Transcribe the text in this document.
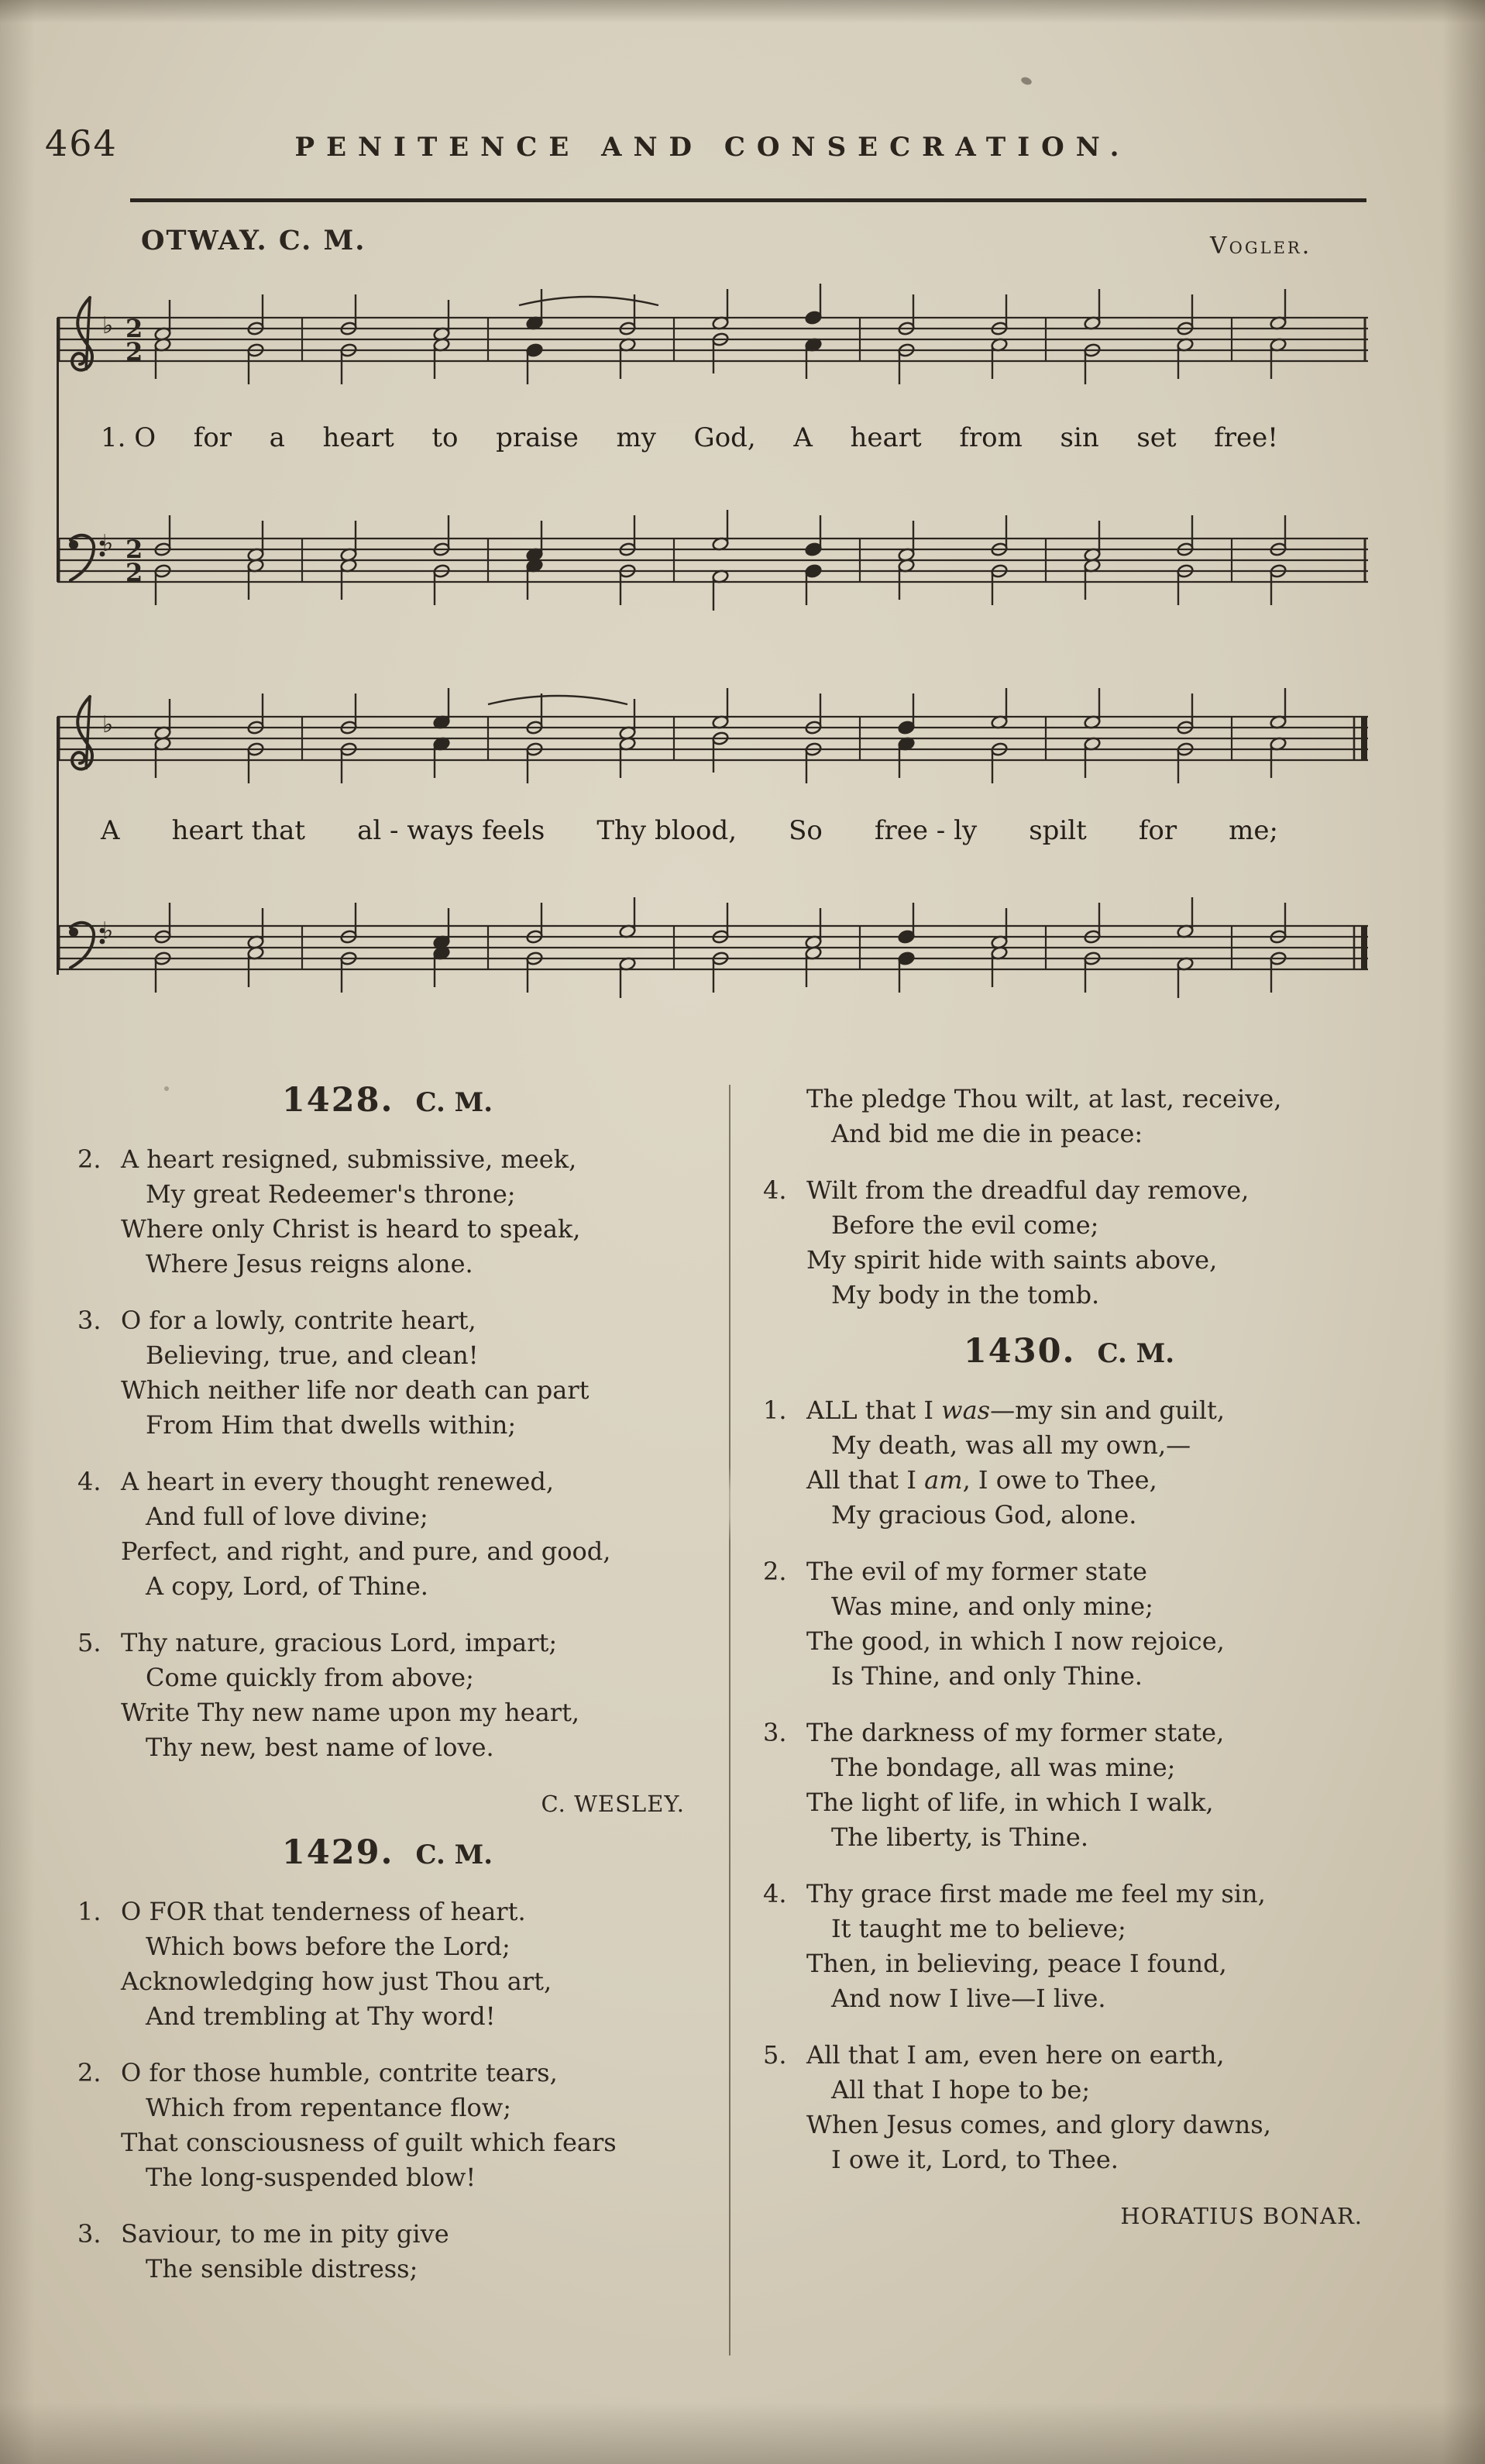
464	PENITENCE AND CONSECRATION.
OTWAY. C. M.	Vogler.
♭ 2
2
1. O for a heart to praise my God, A heart from sin set free!
♭ 2
2
♭
A heart that al - ways feels Thy blood, So free - ly spilt for me;
♭
1428. C. M.
2. A heart resigned, submissive, meek,
My great Redeemer's throne;
Where only Christ is heard to speak,
Where Jesus reigns alone.
3. O for a lowly, contrite heart,
Believing, true, and clean!
Which neither life nor death can part
From Him that dwells within;
4. A heart in every thought renewed,
And full of love divine;
Perfect, and right, and pure, and good,
A copy, Lord, of Thine.
5. Thy nature, gracious Lord, impart;
Come quickly from above;
Write Thy new name upon my heart,
Thy new, best name of love.
C. WESLEY.
1429. C. M.
1. O FOR that tenderness of heart.
Which bows before the Lord;
Acknowledging how just Thou art,
And trembling at Thy word!
2. O for those humble, contrite tears,
Which from repentance flow;
That consciousness of guilt which fears
The long-suspended blow!
3. Saviour, to me in pity give
The sensible distress;
The pledge Thou wilt, at last, receive,
And bid me die in peace:
4. Wilt from the dreadful day remove,
Before the evil come;
My spirit hide with saints above,
My body in the tomb.
1430. C. M.
1. ALL that I was—my sin and guilt,
My death, was all my own,—
All that I am, I owe to Thee,
My gracious God, alone.
2. The evil of my former state
Was mine, and only mine;
The good, in which I now rejoice,
Is Thine, and only Thine.
3. The darkness of my former state,
The bondage, all was mine;
The light of life, in which I walk,
The liberty, is Thine.
4. Thy grace first made me feel my sin,
It taught me to believe;
Then, in believing, peace I found,
And now I live—I live.
5. All that I am, even here on earth,
All that I hope to be;
When Jesus comes, and glory dawns,
I owe it, Lord, to Thee.
HORATIUS BONAR.
